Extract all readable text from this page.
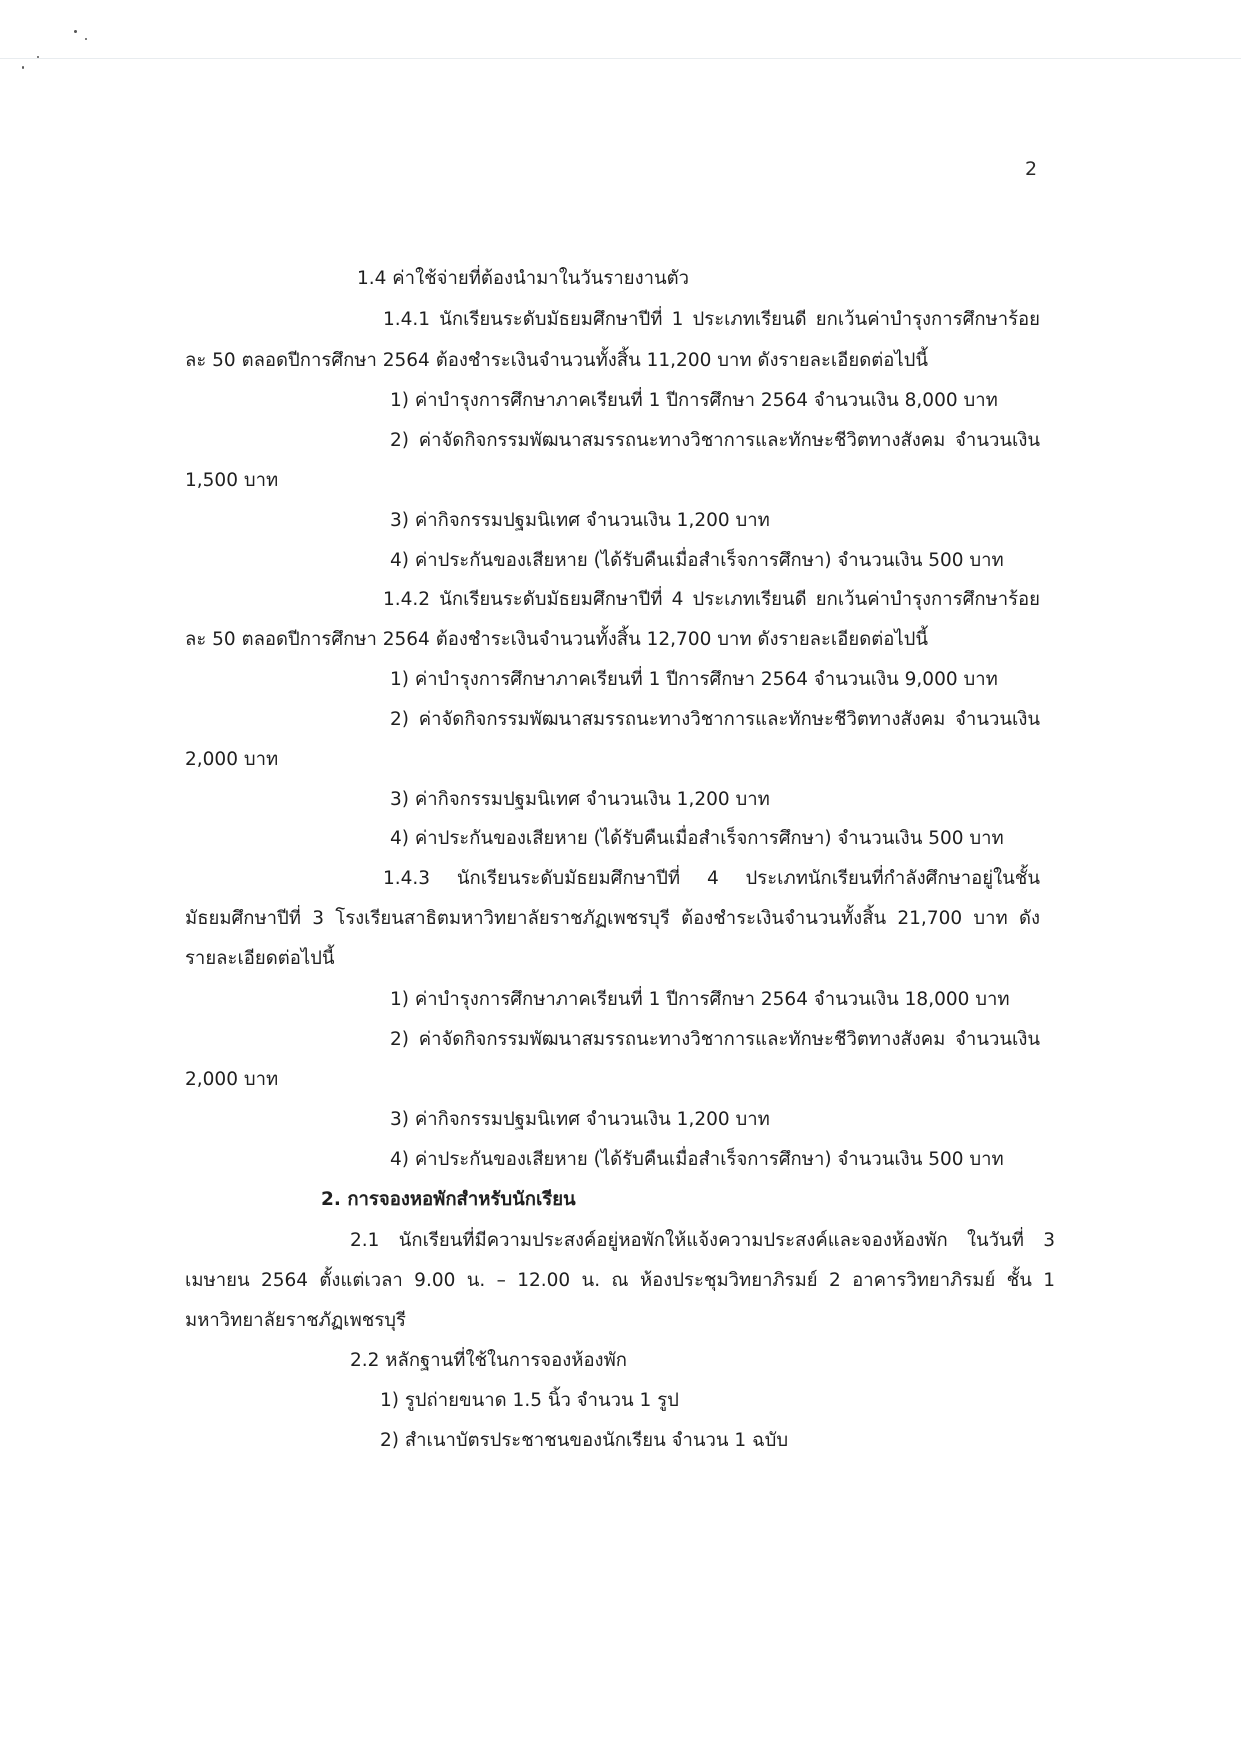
2
1.4 ค่าใช้จ่ายที่ต้องนำมาในวันรายงานตัว
1.4.1 นักเรียนระดับมัธยมศึกษาปีที่ 1 ประเภทเรียนดี ยกเว้นค่าบำรุงการศึกษาร้อย
ละ 50 ตลอดปีการศึกษา 2564 ต้องชำระเงินจำนวนทั้งสิ้น 11,200 บาท ดังรายละเอียดต่อไปนี้
1) ค่าบำรุงการศึกษาภาคเรียนที่ 1 ปีการศึกษา 2564 จำนวนเงิน 8,000 บาท
2) ค่าจัดกิจกรรมพัฒนาสมรรถนะทางวิชาการและทักษะชีวิตทางสังคม จำนวนเงิน
1,500 บาท
3) ค่ากิจกรรมปฐมนิเทศ จำนวนเงิน 1,200 บาท
4) ค่าประกันของเสียหาย (ได้รับคืนเมื่อสำเร็จการศึกษา) จำนวนเงิน 500 บาท
1.4.2 นักเรียนระดับมัธยมศึกษาปีที่ 4 ประเภทเรียนดี ยกเว้นค่าบำรุงการศึกษาร้อย
ละ 50 ตลอดปีการศึกษา 2564 ต้องชำระเงินจำนวนทั้งสิ้น 12,700 บาท ดังรายละเอียดต่อไปนี้
1) ค่าบำรุงการศึกษาภาคเรียนที่ 1 ปีการศึกษา 2564 จำนวนเงิน 9,000 บาท
2) ค่าจัดกิจกรรมพัฒนาสมรรถนะทางวิชาการและทักษะชีวิตทางสังคม จำนวนเงิน
2,000 บาท
3) ค่ากิจกรรมปฐมนิเทศ จำนวนเงิน 1,200 บาท
4) ค่าประกันของเสียหาย (ได้รับคืนเมื่อสำเร็จการศึกษา) จำนวนเงิน 500 บาท
1.4.3 นักเรียนระดับมัธยมศึกษาปีที่ 4 ประเภทนักเรียนที่กำลังศึกษาอยู่ในชั้น
มัธยมศึกษาปีที่ 3 โรงเรียนสาธิตมหาวิทยาลัยราชภัฏเพชรบุรี ต้องชำระเงินจำนวนทั้งสิ้น 21,700 บาท ดัง
รายละเอียดต่อไปนี้
1) ค่าบำรุงการศึกษาภาคเรียนที่ 1 ปีการศึกษา 2564 จำนวนเงิน 18,000 บาท
2) ค่าจัดกิจกรรมพัฒนาสมรรถนะทางวิชาการและทักษะชีวิตทางสังคม จำนวนเงิน
2,000 บาท
3) ค่ากิจกรรมปฐมนิเทศ จำนวนเงิน 1,200 บาท
4) ค่าประกันของเสียหาย (ได้รับคืนเมื่อสำเร็จการศึกษา) จำนวนเงิน 500 บาท
2. การจองหอพักสำหรับนักเรียน
2.1 นักเรียนที่มีความประสงค์อยู่หอพักให้แจ้งความประสงค์และจองห้องพัก ในวันที่ 3
เมษายน 2564 ตั้งแต่เวลา 9.00 น. – 12.00 น. ณ ห้องประชุมวิทยาภิรมย์ 2 อาคารวิทยาภิรมย์ ชั้น 1
มหาวิทยาลัยราชภัฏเพชรบุรี
2.2 หลักฐานที่ใช้ในการจองห้องพัก
1) รูปถ่ายขนาด 1.5 นิ้ว จำนวน 1 รูป
2) สำเนาบัตรประชาชนของนักเรียน จำนวน 1 ฉบับ
